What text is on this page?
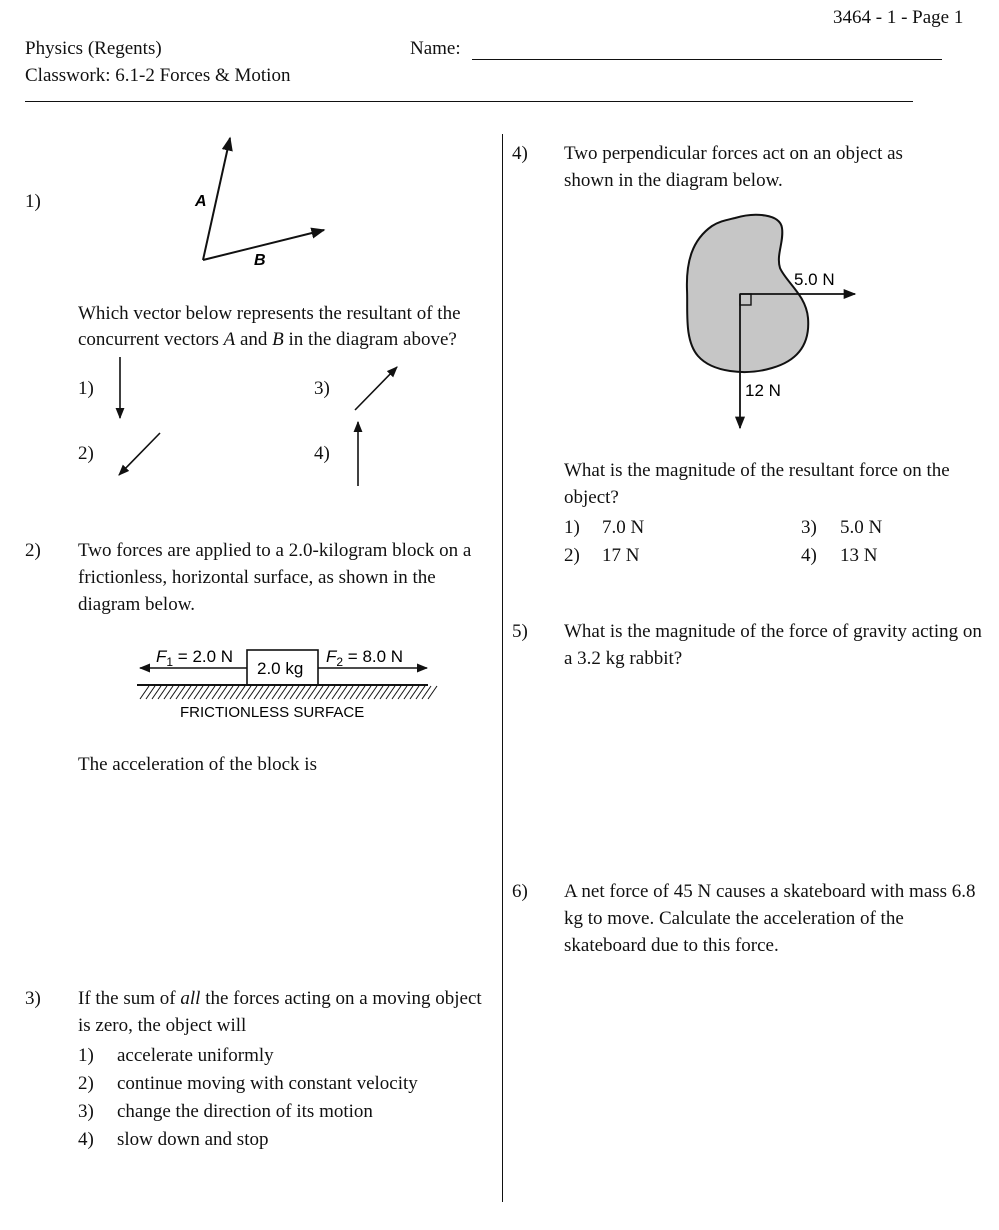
3464 - 1 - Page 1
Physics (Regents)	Name:
Classwork: 6.1-2 Forces & Motion
1)	A
B
$F_1 = 2.0$ N	$F_2 = 8.0$ N
2.0 kg
FRICTIONLESS SURFACE
5.0 N
12 N
Which vector below represents the resultant of the
concurrent vectors A and B in the diagram above?
1)
2)
3)
4)
2) Two forces are applied to a 2.0-kilogram block on a frictionless, horizontal surface, as shown in the diagram below.
The acceleration of the block is
3) If the sum of all the forces acting on a moving object is zero, the object will
1) accelerate uniformly
2) continue moving with constant velocity
3) change the direction of its motion
4) slow down and stop
4) Two perpendicular forces act on an object as shown in the diagram below.
What is the magnitude of the resultant force on the object?
1) 7.0 N
2) 17 N
3) 5.0 N
4) 13 N
5) What is the magnitude of the force of gravity acting on a 3.2 kg rabbit?
6) A net force of 45 N causes a skateboard with mass 6.8 kg to move. Calculate the acceleration of the skateboard due to this force.
